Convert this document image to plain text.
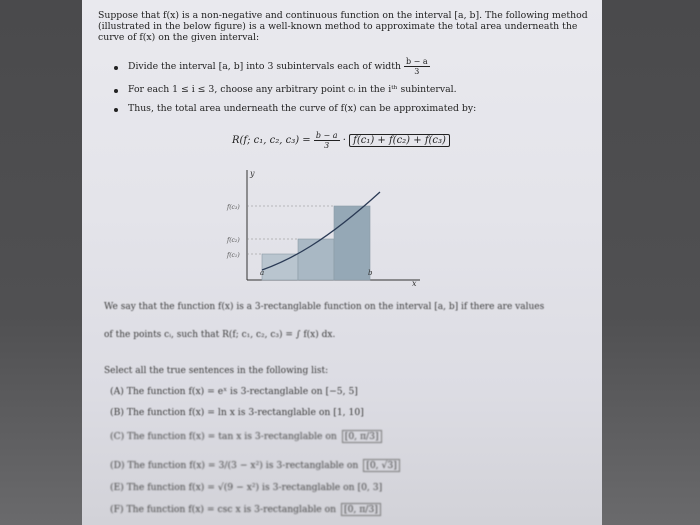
Suppose that f(x) is a non-negative and continuous function on the interval [a, b]. The following method (illustrated in the below figure) is a well-known method to approximate the total area underneath the curve of f(x) on the given interval:
Divide the interval [a, b] into 3 subintervals each of width $\frac{b - a}{3}$
For each 1 ≤ i ≤ 3, choose any arbitrary point cᵢ in the iᵗʰ subinterval.
Thus, the total area underneath the curve of f(x) can be approximated by:
R(f; c₁, c₂, $c_3) = \frac{b - a}{3} \cdot f(c_1) + f(c_2) + f(c_3)$
y
x
f(c₃)
f(c₂)
f(c₁)
a	b
We say that the function f(x) is a 3-rectanglable function on the interval [a, b] if there are values
of the points cᵢ, such that R(f; c₁, c₂, c₃) = ∫ f(x) dx.
Select all the true sentences in the following list:
(A) The function f(x) = eˣ is 3-rectanglable on [−5, 5]
(B) The function f(x) = ln x is 3-rectanglable on [1, 10]
(C) The function f(x) = tan x is 3-rectanglable on [0, π/3]
(D) The function f(x) = 3/(3 − x²) is 3-rectanglable on [0, √3]
(E) The function f(x) = √(9 − x²) is 3-rectanglable on [0, 3]
(F) The function f(x) = csc x is 3-rectanglable on [0, π/3]
